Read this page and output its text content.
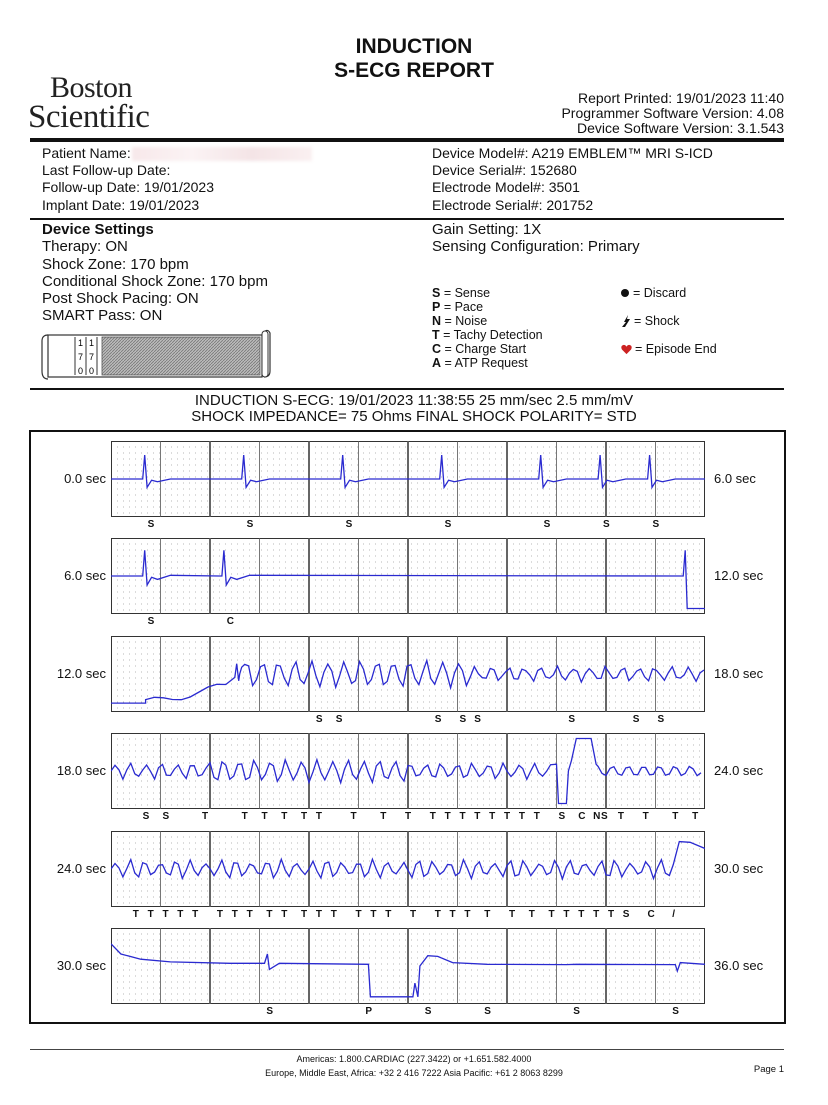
INDUCTION
S-ECG REPORT
Boston
Scientific
Report Printed: 19/01/2023 11:40
Programmer Software Version: 4.08
Device Software Version: 3.1.543
Patient Name:
Last Follow-up Date:
Follow-up Date: 19/01/2023
Implant Date: 19/01/2023
Device Model#: A219 EMBLEM™ MRI S-ICD
Device Serial#: 152680
Electrode Model#: 3501
Electrode Serial#: 201752
Device Settings
Therapy: ON
Shock Zone: 170 bpm
Conditional Shock Zone: 170 bpm
Post Shock Pacing: ON
SMART Pass: ON
Gain Setting: 1X
Sensing Configuration: Primary
1 1
7 7
0 0
S = Sense
P = Pace
N = Noise
T = Tachy Detection
C = Charge Start
A = ATP Request
= Discard
= Shock
= Episode End
INDUCTION S-ECG: 19/01/2023 11:38:55 25 mm/sec 2.5 mm/mV
SHOCK IMPEDANCE= 75 Ohms FINAL SHOCK POLARITY= STD
0.0 sec	6.0 sec
S	S	S	S	S	S	S
6.0 sec	12.0 sec
S	C
12.0 sec	18.0 sec
S S	S S S	S	S S
18.0 sec	24.0 sec
S S	T	T T T T T	T T T T T T T T T T T S C N S T T T T
24.0 sec	30.0 sec
T T T T T T T T T T T T T T T T T T T T T T T T T T T T S C /
30.0 sec	36.0 sec
S	P	S	S	S	S
Americas: 1.800.CARDIAC (227.3422) or +1.651.582.4000
Europe, Middle East, Africa: +32 2 416 7222 Asia Pacific: +61 2 8063 8299	Page 1
